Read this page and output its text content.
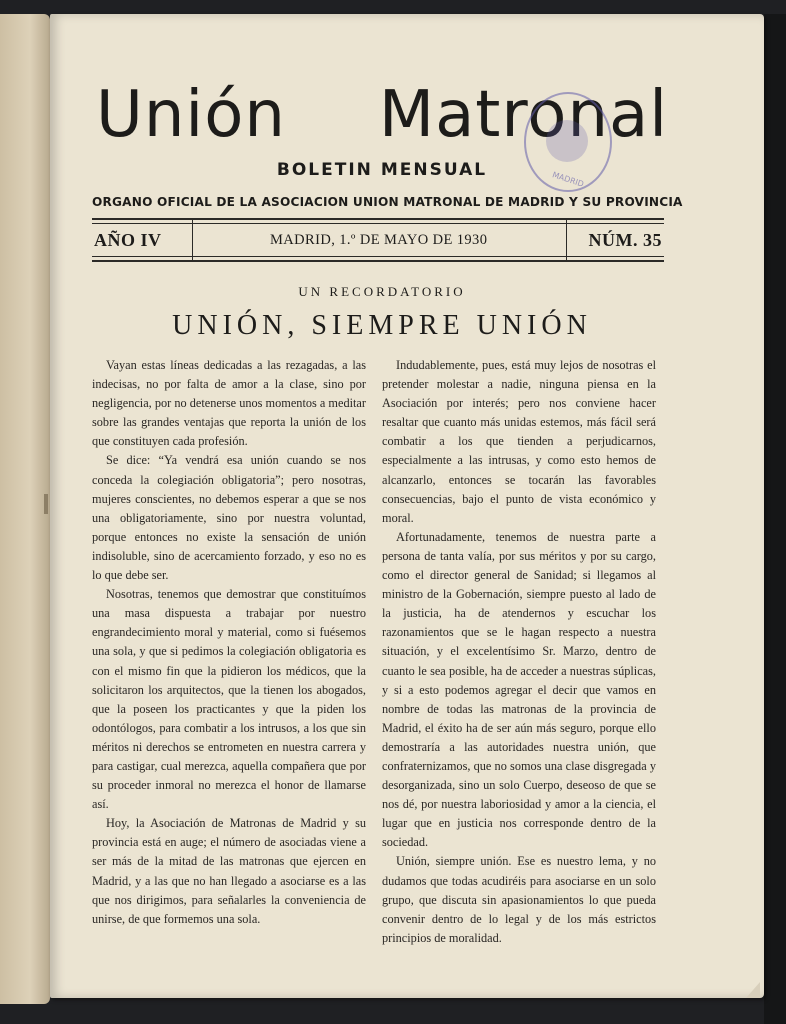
Unión Matronal
MADRID
BOLETIN MENSUAL
ORGANO OFICIAL DE LA ASOCIACION UNION MATRONAL DE MADRID Y SU PROVINCIA
AÑO IV	MADRID, 1.º DE MAYO DE 1930	NÚM. 35
UN RECORDATORIO
UNIÓN, SIEMPRE UNIÓN

Vayan estas líneas dedicadas a las rezagadas, a las indecisas, no por falta de amor a la clase, sino por negligencia, por no detenerse unos momentos a meditar sobre las grandes ventajas que reporta la unión de los que constituyen cada profesión.

Se dice: “Ya vendrá esa unión cuando se nos conceda la colegiación obligatoria”; pero nosotras, mujeres conscientes, no debemos esperar a que se nos una obligatoriamente, sino por nuestra voluntad, porque entonces no existe la sensación de unión indisoluble, sino de acercamiento forzado, y eso no es lo que debe ser.

Nosotras, tenemos que demostrar que constituímos una masa dispuesta a trabajar por nuestro engrandecimiento moral y material, como si fuésemos una sola, y que si pedimos la colegiación obligatoria es con el mismo fin que la pidieron los médicos, que la solicitaron los arquitectos, que la tienen los abogados, que la poseen los practicantes y que la piden los odontólogos, para combatir a los intrusos, a los que sin méritos ni derechos se entrometen en nuestra carrera y para castigar, cual merezca, aquella compañera que por su proceder inmoral no merezca el honor de llamarse así.

Hoy, la Asociación de Matronas de Madrid y su provincia está en auge; el número de asociadas viene a ser más de la mitad de las matronas que ejercen en Madrid, y a las que no han llegado a asociarse es a las que nos dirigimos, para señalarles la conveniencia de unirse, de que formemos una sola.

Indudablemente, pues, está muy lejos de nosotras el pretender molestar a nadie, ninguna piensa en la Asociación por interés; pero nos conviene hacer resaltar que cuanto más unidas estemos, más fácil será combatir a los que tienden a perjudicarnos, especialmente a las intrusas, y como esto hemos de alcanzarlo, entonces se tocarán las favorables consecuencias, bajo el punto de vista económico y moral.

Afortunadamente, tenemos de nuestra parte a persona de tanta valía, por sus méritos y por su cargo, como el director general de Sanidad; si llegamos al ministro de la Gobernación, siempre puesto al lado de la justicia, ha de atendernos y escuchar los razonamientos que se le hagan respecto a nuestra situación, y el excelentísimo Sr. Marzo, dentro de cuanto le sea posible, ha de acceder a nuestras súplicas, y si a esto podemos agregar el decir que vamos en nombre de todas las matronas de la provincia de Madrid, el éxito ha de ser aún más seguro, porque ello demostraría a las autoridades nuestra unión, que confraternizamos, que no somos una clase disgregada y desorganizada, sino un solo Cuerpo, deseoso de que se nos dé, por nuestra laboriosidad y amor a la ciencia, el lugar que en justicia nos corresponde dentro de la sociedad.

Unión, siempre unión. Ese es nuestro lema, y no dudamos que todas acudiréis para asociarse en un solo grupo, que discuta sin apasionamientos lo que pueda convenir dentro de lo legal y de los más estrictos principios de moralidad.
